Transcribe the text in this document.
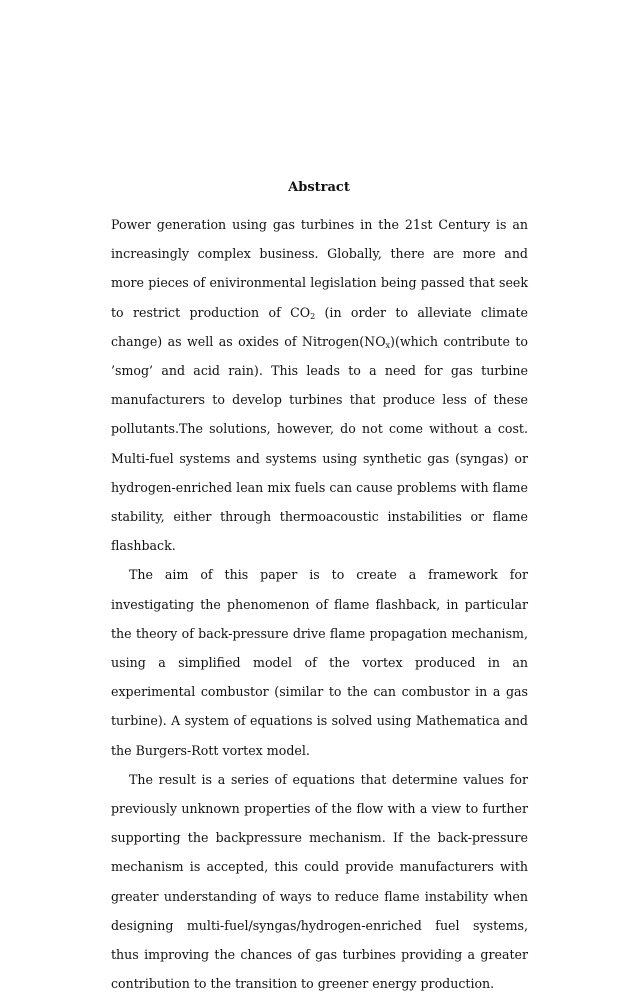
Abstract

Power generation using gas turbines in the 21st Century is an increasingly complex business. Globally, there are more and more pieces of enivironmental legislation being passed that seek to restrict production of $CO_2$ (in order to alleviate climate change) as well as oxides of $Nitrogen(NO_x)(which$ contribute to ’smog’ and acid rain). This leads to a need for gas turbine manufacturers to develop turbines that produce less of these pollutants.The solutions, however, do not come without a cost. Multi-fuel systems and systems using synthetic gas (syngas) or hydrogen-enriched lean mix fuels can cause problems with flame stability, either through thermoacoustic instabilities or flame flashback.

The aim of this paper is to create a framework for investigating the phenomenon of flame flashback, in particular the theory of back-pressure drive flame propagation mechanism, using a simplified model of the vortex produced in an experimental combustor (similar to the can combustor in a gas turbine). A system of equations is solved using Mathematica and the Burgers-Rott vortex model.

The result is a series of equations that determine values for previously unknown properties of the flow with a view to further supporting the backpressure mechanism. If the back-pressure mechanism is accepted, this could provide manufacturers with greater understanding of ways to reduce flame instability when designing multi-fuel/syngas/hydrogen-enriched fuel systems, thus improving the chances of gas turbines providing a greater contribution to the transition to greener energy production.
